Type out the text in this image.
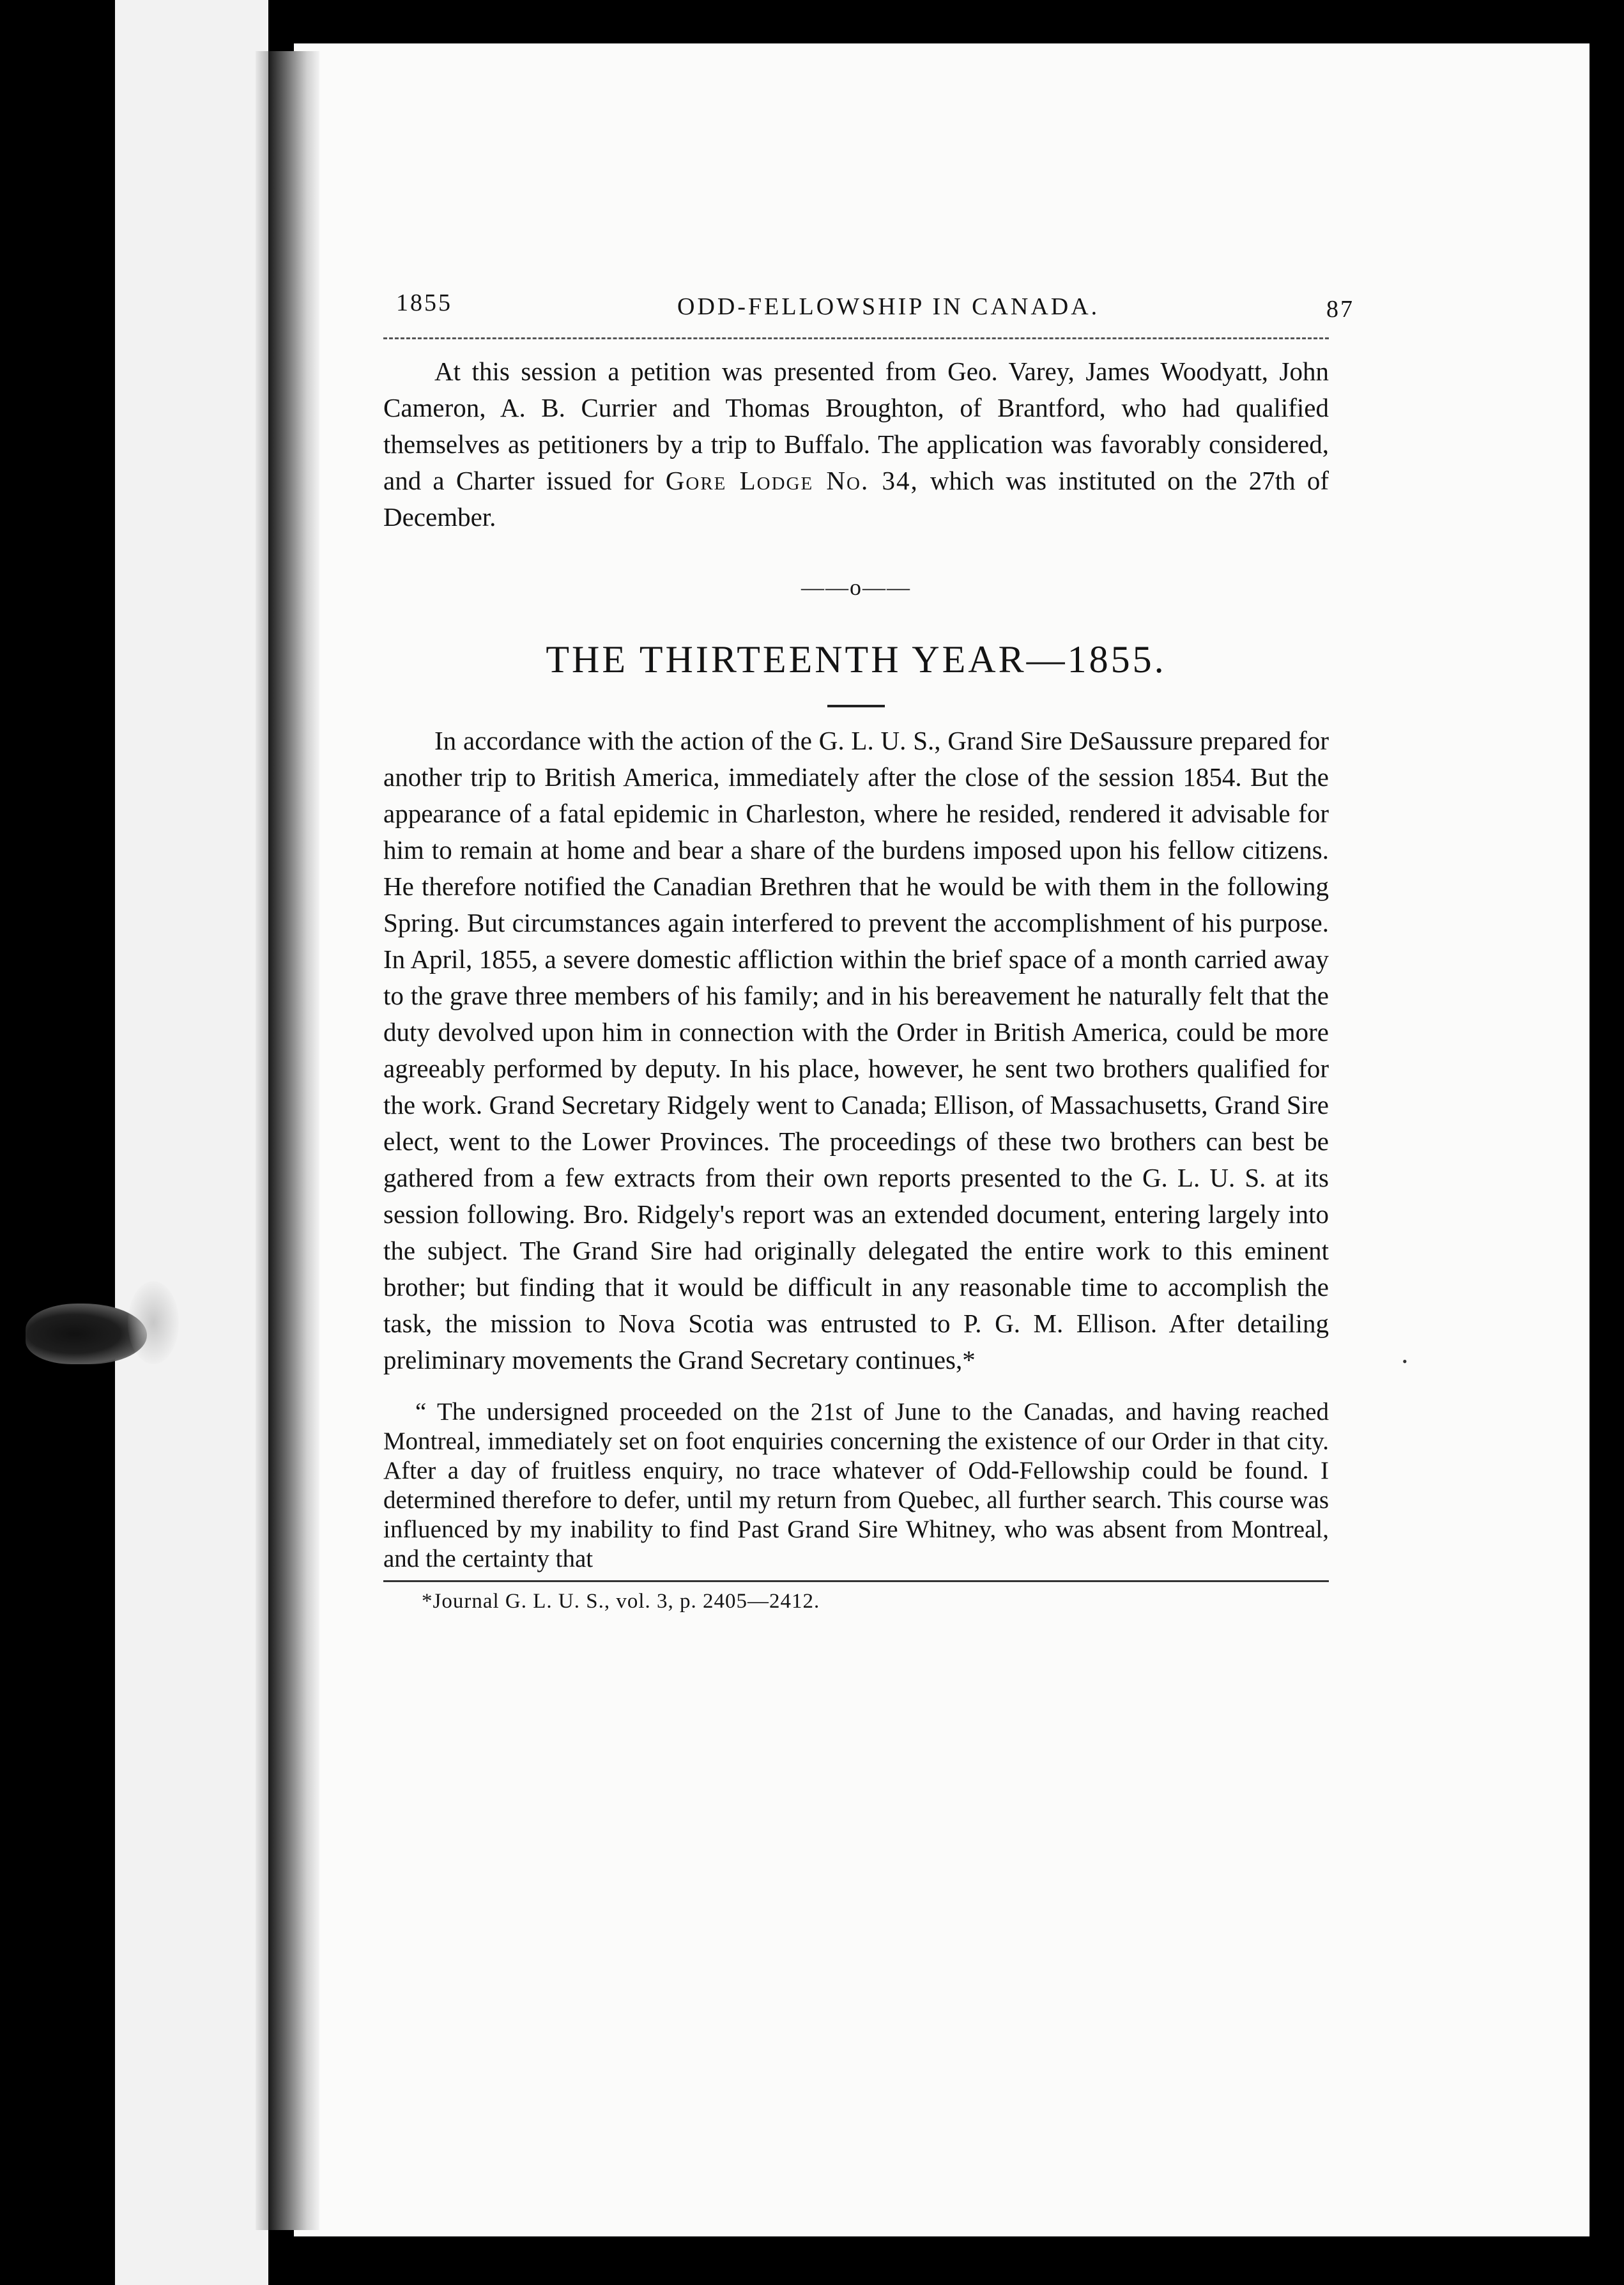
1855	ODD-FELLOWSHIP IN CANADA.	87

At this session a petition was presented from Geo. Varey, James Woodyatt, John Cameron, A. B. Currier and Thomas Broughton, of Brantford, who had qualified themselves as petitioners by a trip to Buffalo. The application was favorably considered, and a Charter issued for Gore Lodge No. 34, which was instituted on the 27th of December.

——o——
THE THIRTEENTH YEAR—1855.

In accordance with the action of the G. L. U. S., Grand Sire DeSaussure prepared for another trip to British America, immediately after the close of the session 1854. But the appearance of a fatal epidemic in Charleston, where he resided, rendered it advisable for him to remain at home and bear a share of the burdens imposed upon his fellow citizens. He therefore notified the Canadian Brethren that he would be with them in the following Spring. But circumstances again interfered to prevent the accomplishment of his purpose. In April, 1855, a severe domestic affliction within the brief space of a month carried away to the grave three members of his family; and in his bereavement he naturally felt that the duty devolved upon him in connection with the Order in British America, could be more agreeably performed by deputy. In his place, however, he sent two brothers qualified for the work. Grand Secretary Ridgely went to Canada; Ellison, of Massachusetts, Grand Sire elect, went to the Lower Provinces. The proceedings of these two brothers can best be gathered from a few extracts from their own reports presented to the G. L. U. S. at its session following. Bro. Ridgely's report was an extended document, entering largely into the subject. The Grand Sire had originally delegated the entire work to this eminent brother; but finding that it would be difficult in any reasonable time to accomplish the task, the mission to Nova Scotia was entrusted to P. G. M. Ellison. After detailing preliminary movements the Grand Secretary continues,*

“ The undersigned proceeded on the 21st of June to the Canadas, and having reached Montreal, immediately set on foot enquiries concerning the existence of our Order in that city. After a day of fruitless enquiry, no trace whatever of Odd-Fellowship could be found. I determined therefore to defer, until my return from Quebec, all further search. This course was influenced by my inability to find Past Grand Sire Whitney, who was absent from Montreal, and the certainty that

*Journal G. L. U. S., vol. 3, p. 2405—2412.
•
